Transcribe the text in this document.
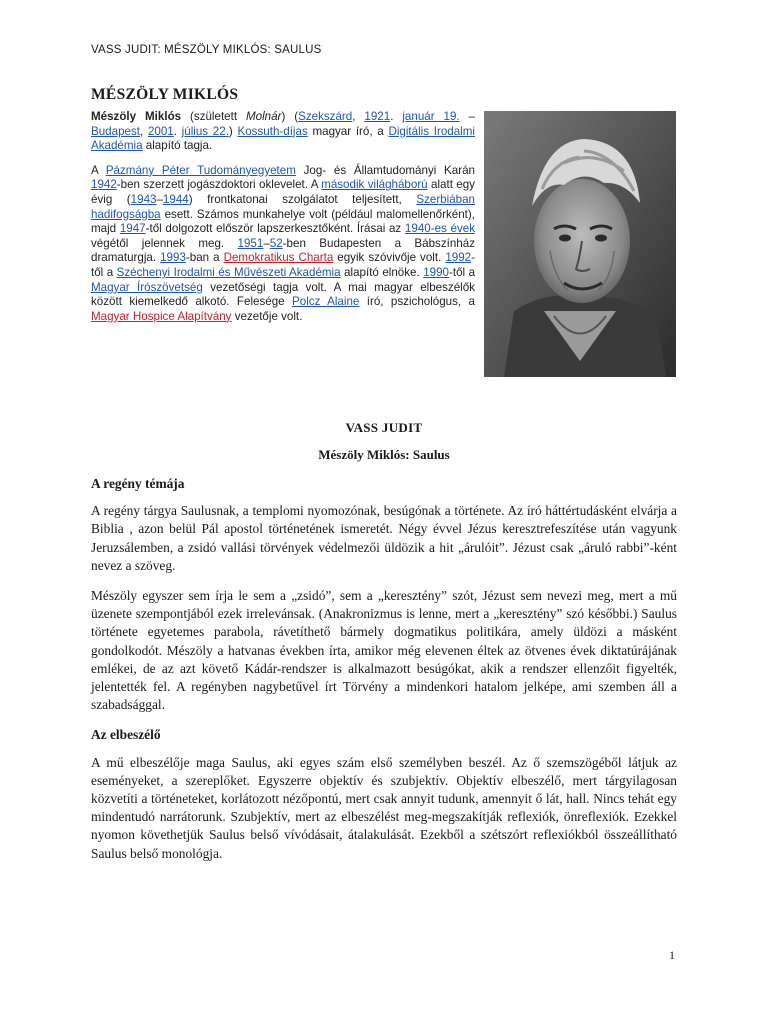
VASS JUDIT: MÉSZÖLY MIKLÓS: SAULUS
MÉSZÖLY MIKLÓS

Mészöly Miklós (született Molnár) (Szekszárd, 1921. január 19. – Budapest, 2001. július 22.) Kossuth-díjas magyar író, a Digitális Irodalmi Akadémia alapító tagja.

A Pázmány Péter Tudományegyetem Jog- és Államtudományi Karán 1942-ben szerzett jogászdoktori oklevelet. A második világháború alatt egy évig (1943–1944) frontkatonai szolgálatot teljesített, Szerbiában hadifogságba esett. Számos munkahelye volt (például malomellenőrként), majd 1947-től dolgozott először lapszerkesztőként. Írásai az 1940-es évek végétől jelennek meg. 1951–52-ben Budapesten a Bábszínház dramaturgja. 1993-ban a Demokratikus Charta egyik szóvivője volt. 1992-től a Széchenyi Irodalmi és Művészeti Akadémia alapító elnöke. 1990-től a Magyar Írószövetség vezetőségi tagja volt. A mai magyar elbeszélők között kiemelkedő alkotó. Felesége Polcz Alaine író, pszichológus, a Magyar Hospice Alapítvány vezetője volt.

VASS JUDIT
Mészöly Miklós: Saulus
A regény témája

A regény tárgya Saulusnak, a templomi nyomozónak, besúgónak a története. Az író háttértudásként elvárja a Biblia , azon belül Pál apostol történetének ismeretét. Négy évvel Jézus keresztrefeszítése után vagyunk Jeruzsálemben, a zsidó vallási törvények védelmezői üldözik a hit „árulóit”. Jézust csak „áruló rabbi”-ként nevez a szöveg.

Mészöly egyszer sem írja le sem a „zsidó”, sem a „keresztény” szót, Jézust sem nevezi meg, mert a mű üzenete szempontjából ezek irrelevánsak. (Anakronizmus is lenne, mert a „keresztény” szó későbbi.) Saulus története egyetemes parabola, rávetíthető bármely dogmatikus politikára, amely üldözi a másként gondolkodót. Mészöly a hatvanas években írta, amikor még elevenen éltek az ötvenes évek diktatúrájának emlékei, de az azt követő Kádár-rendszer is alkalmazott besúgókat, akik a rendszer ellenzőit figyelték, jelentették fel. A regényben nagybetűvel írt Törvény a mindenkori hatalom jelképe, ami szemben áll a szabadsággal.

Az elbeszélő

A mű elbeszélője maga Saulus, aki egyes szám első személyben beszél. Az ő szemszögéből látjuk az eseményeket, a szereplőket. Egyszerre objektív és szubjektív. Objektív elbeszélő, mert tárgyilagosan közvetíti a történeteket, korlátozott nézőpontú, mert csak annyit tudunk, amennyit ő lát, hall. Nincs tehát egy mindentudó narrátorunk. Szubjektív, mert az elbeszélést meg-megszakítják reflexiók, önreflexiók. Ezekkel nyomon követhetjük Saulus belső vívódásait, átalakulását. Ezekből a szétszórt reflexiókból összeállítható Saulus belső monológja.

1
